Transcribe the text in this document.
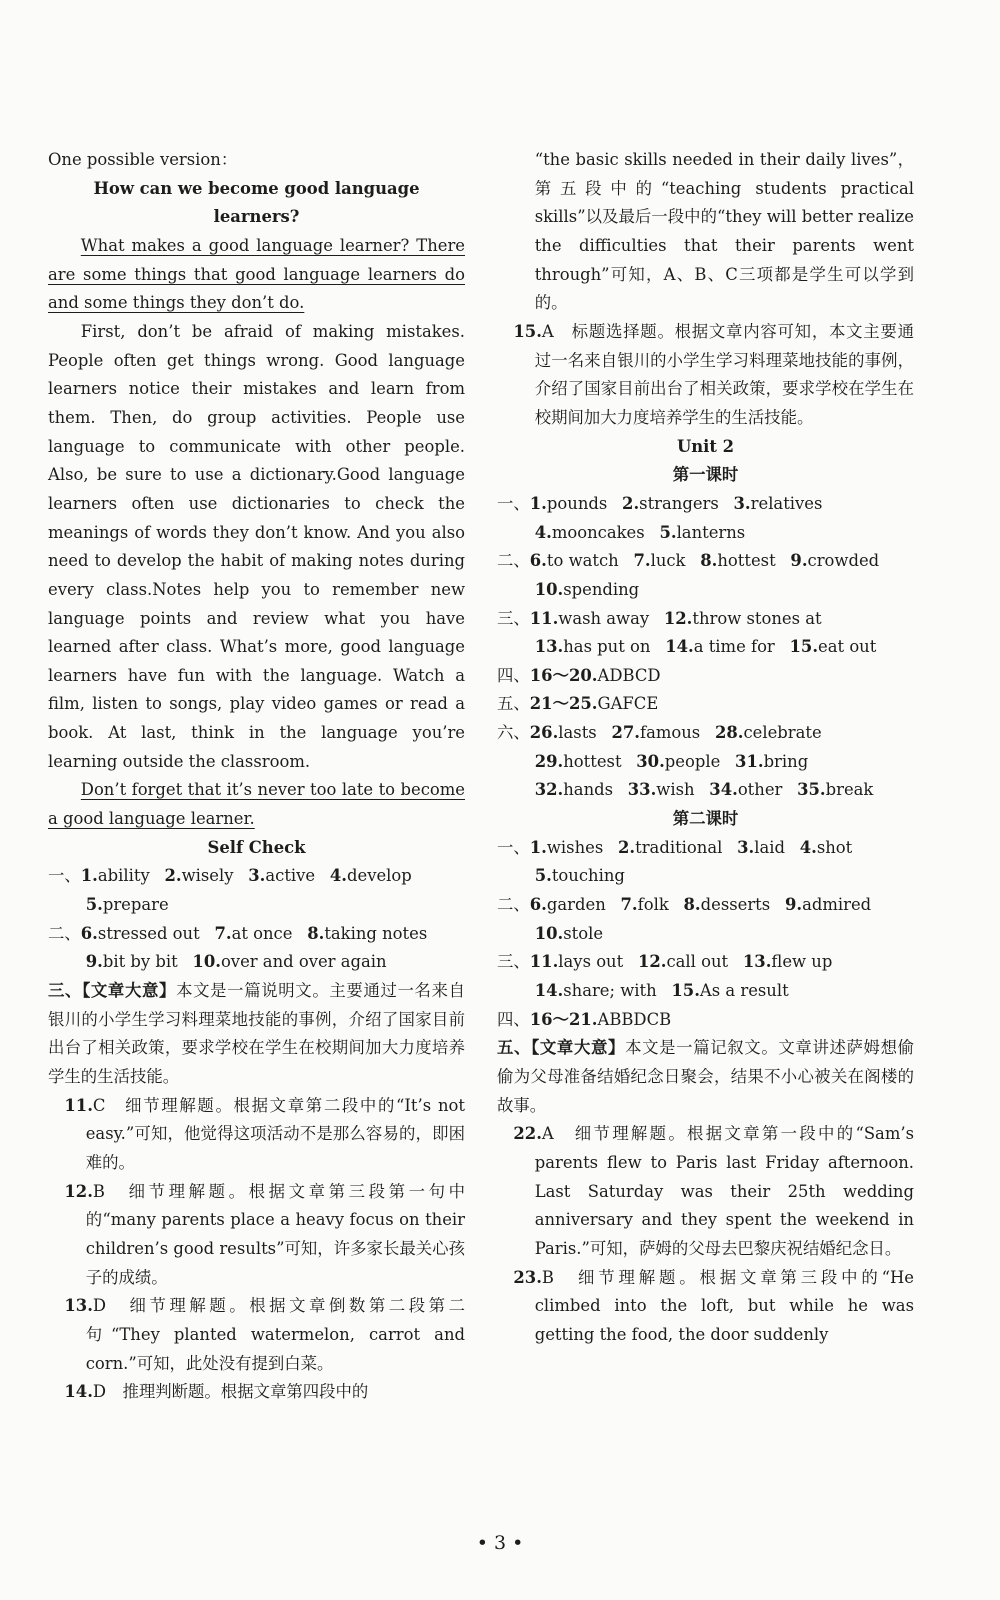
One possible version：

How can we become good language learners?

What makes a good language learner? There are some things that good language learners do and some things they don’t do.

First, don’t be afraid of making mistakes. People often get things wrong. Good language learners notice their mistakes and learn from them. Then, do group activities. People use language to communicate with other people. Also, be sure to use a dictionary.Good language learners often use dictionaries to check the meanings of words they don’t know. And you also need to develop the habit of making notes during every class.Notes help you to remember new language points and review what you have learned after class. What’s more, good language learners have fun with the language. Watch a film, listen to songs, play video games or read a book. At last, think in the language you’re learning outside the classroom.

Don’t forget that it’s never too late to become a good language learner.

Self Check

一、1.ability 2.wisely 3.active 4.develop

5.prepare

二、6.stressed out 7.at once 8.taking notes

9.bit by bit 10.over and over again

三、【文章大意】本文是一篇说明文。主要通过一名来自银川的小学生学习料理菜地技能的事例，介绍了国家目前出台了相关政策，要求学校在学生在校期间加大力度培养学生的生活技能。

11.C　细节理解题。根据文章第二段中的“It’s not easy.”可知，他觉得这项活动不是那么容易的，即困难的。

12.B　细节理解题。根据文章第三段第一句中的“many parents place a heavy focus on their children’s good results”可知，许多家长最关心孩子的成绩。

13.D　细节理解题。根据文章倒数第二段第二句“They planted watermelon, carrot and corn.”可知，此处没有提到白菜。

14.D　推理判断题。根据文章第四段中的

“the basic skills needed in their daily lives”，第五段中的“teaching students practical skills”以及最后一段中的“they will better realize the difficulties that their parents went through”可知，A、B、C三项都是学生可以学到的。

15.A　标题选择题。根据文章内容可知，本文主要通过一名来自银川的小学生学习料理菜地技能的事例，介绍了国家目前出台了相关政策，要求学校在学生在校期间加大力度培养学生的生活技能。

Unit 2

第一课时

一、1.pounds 2.strangers 3.relatives

4.mooncakes 5.lanterns

二、6.to watch 7.luck 8.hottest 9.crowded

10.spending

三、11.wash away 12.throw stones at

13.has put on 14.a time for 15.eat out

四、16～20.ADBCD

五、21～25.GAFCE

六、26.lasts 27.famous 28.celebrate

29.hottest 30.people 31.bring

32.hands 33.wish 34.other 35.break

第二课时

一、1.wishes 2.traditional 3.laid 4.shot

5.touching

二、6.garden 7.folk 8.desserts 9.admired

10.stole

三、11.lays out 12.call out 13.flew up

14.share; with 15.As a result

四、16～21.ABBDCB

五、【文章大意】本文是一篇记叙文。文章讲述萨姆想偷偷为父母准备结婚纪念日聚会，结果不小心被关在阁楼的故事。

22.A　细节理解题。根据文章第一段中的“Sam’s parents flew to Paris last Friday afternoon. Last Saturday was their 25th wedding anniversary and they spent the weekend in Paris.”可知，萨姆的父母去巴黎庆祝结婚纪念日。

23.B　细节理解题。根据文章第三段中的“He climbed into the loft, but while he was getting the food, the door suddenly

• 3 •
